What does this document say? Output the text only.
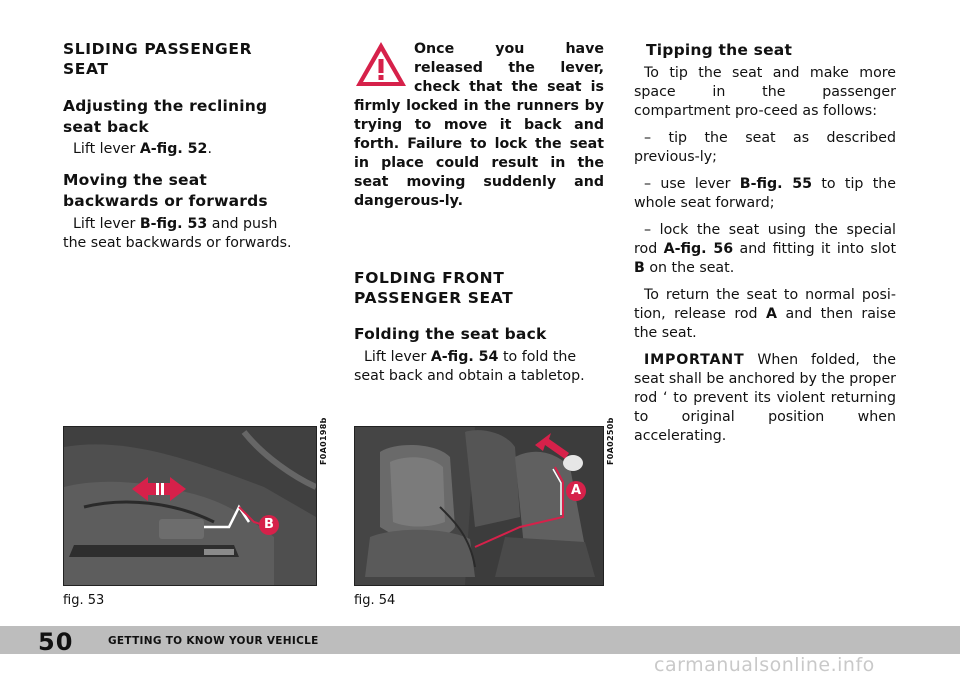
SLIDING PASSENGER SEAT
Adjusting the reclining seat back

Lift lever A-fig. 52.

Moving the seat backwards or forwards

Lift lever B-fig. 53 and push the seat backwards or forwards.

Once you have released the lever, check that the seat is firmly locked in the runners by trying to move it back and forth. Failure to lock the seat in place could result in the seat moving suddenly and dangerous-ly.
FOLDING FRONT PASSENGER SEAT
Folding the seat back

Lift lever A-fig. 54 to fold the seat back and obtain a tabletop.

Tipping the seat

To tip the seat and make more space in the passenger compartment pro-ceed as follows:

– tip the seat as described previous-ly;

– use lever B-fig. 55 to tip the whole seat forward;

– lock the seat using the special rod A-fig. 56 and fitting it into slot B on the seat.

To return the seat to normal posi-tion, release rod A and then raise the seat.

IMPORTANT When folded, the seat shall be anchored by the proper rod ‘ to prevent its violent returning to original position when accelerating.

B
fig. 53
F0A0198b
A
fig. 54
F0A0250b
50	GETTING TO KNOW YOUR VEHICLE
carmanualsonline.info
